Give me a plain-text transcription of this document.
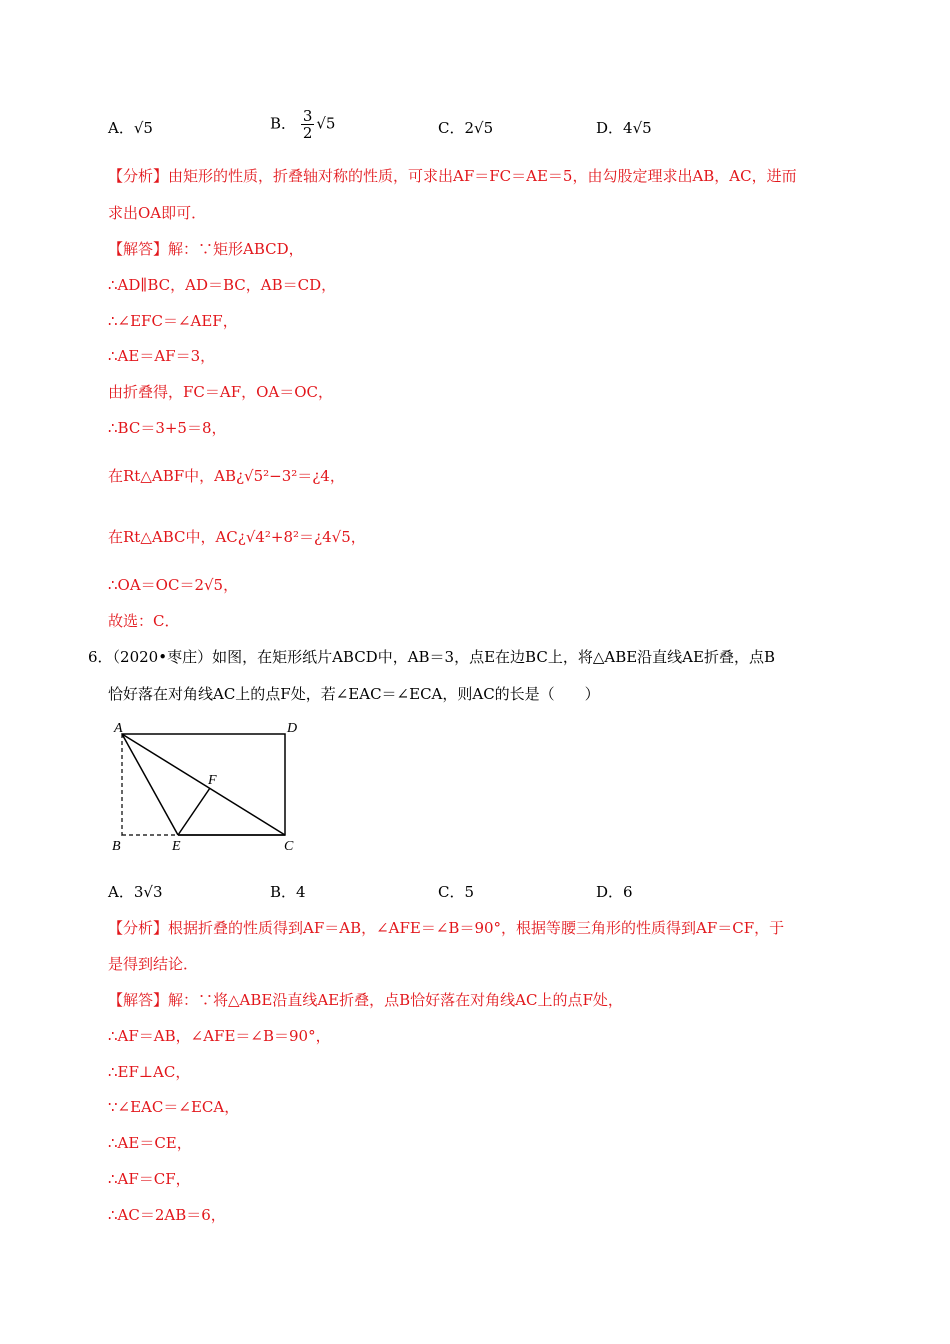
A．√5	B． $\frac{3}{2} √5$	C．2√5	D．4√5
【分析】由矩形的性质，折叠轴对称的性质，可求出AF＝FC＝AE＝5，由勾股定理求出AB，AC，进而
求出OA即可．
【解答】解：∵矩形ABCD，
∴AD∥BC，AD＝BC，AB＝CD，
∴∠EFC＝∠AEF，
∴AE＝AF＝3，
由折叠得，FC＝AF，OA＝OC，
∴BC＝3+5＝8，
在Rt△ABF中，AB¿√5²−3²＝¿4，
在Rt△ABC中，AC¿√4²+8²＝¿4√5，
∴OA＝OC＝2√5，
故选：C．
6．（2020•枣庄）如图，在矩形纸片ABCD中，AB＝3，点E在边BC上，将△ABE沿直线AE折叠，点B
恰好落在对角线AC上的点F处，若∠EAC＝∠ECA，则AC的长是（　　）
A	D
B	E	C
F
A．3√3	B．4	C．5	D．6
【分析】根据折叠的性质得到AF＝AB，∠AFE＝∠B＝90°，根据等腰三角形的性质得到AF＝CF，于
是得到结论．
【解答】解：∵将△ABE沿直线AE折叠，点B恰好落在对角线AC上的点F处，
∴AF＝AB，∠AFE＝∠B＝90°，
∴EF⊥AC，
∵∠EAC＝∠ECA，
∴AE＝CE，
∴AF＝CF，
∴AC＝2AB＝6，
